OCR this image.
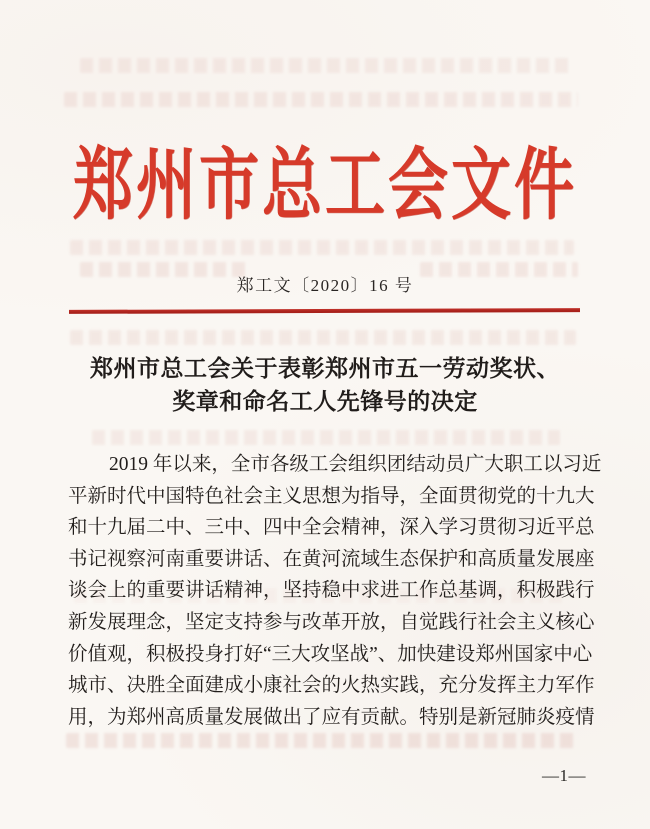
郑州市总工会文件
郑工文〔2020〕16 号
郑州市总工会关于表彰郑州市五一劳动奖状、
奖章和命名工人先锋号的决定
2019 年以来，全市各级工会组织团结动员广大职工以习近
平新时代中国特色社会主义思想为指导，全面贯彻党的十九大
和十九届二中、三中、四中全会精神，深入学习贯彻习近平总
书记视察河南重要讲话、在黄河流域生态保护和高质量发展座
谈会上的重要讲话精神，坚持稳中求进工作总基调，积极践行
新发展理念，坚定支持参与改革开放，自觉践行社会主义核心
价值观，积极投身打好“三大攻坚战”、加快建设郑州国家中心
城市、决胜全面建成小康社会的火热实践，充分发挥主力军作
用，为郑州高质量发展做出了应有贡献。特别是新冠肺炎疫情
—1—
